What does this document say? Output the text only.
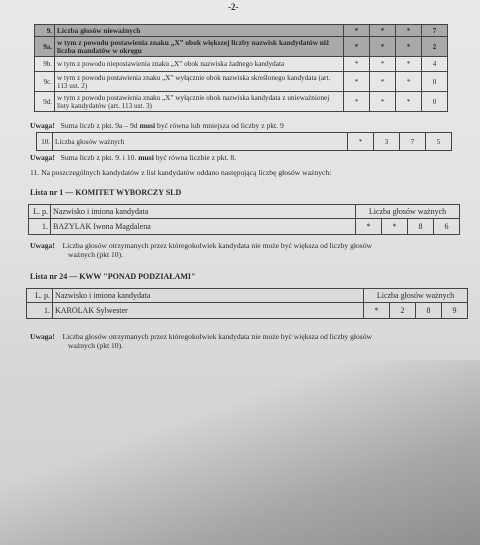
-2-
9.	Liczba głosów nieważnych	*	*	*	7
9a.	w tym z powodu postawienia znaku „X” obok większej liczby nazwisk kandydatów niż liczba mandatów w okręgu	*	*	*	2
9b.	w tym z powodu niepostawienia znaku „X” obok nazwiska żadnego kandydata	*	*	*	4
9c.	w tym z powodu postawienia znaku „X” wyłącznie obok nazwiska skreślonego kandydata (art. 113 ust. 2)	*	*	*	0
9d.	w tym z powodu postawienia znaku „X” wyłącznie obok nazwiska kandydata z unieważnionej listy kandydatów (art. 113 ust. 3)	*	*	*	0
Uwaga! Suma liczb z pkt. 9a – 9d musi być równa lub mniejsza od liczby z pkt. 9
10.	Liczba głosów ważnych	*	3	7	5
Uwaga! Suma liczb z pkt. 9. i 10. musi być równa liczbie z pkt. 8.
11. Na poszczególnych kandydatów z list kandydatów oddano następującą liczbę głosów ważnych:
Lista nr 1 — KOMITET WYBORCZY SLD
L. p.	Nazwisko i imiona kandydata	Liczba głosów ważnych			
1.	BAZYLAK Iwona Magdalena	*	*	8	6
Uwaga! Liczba głosów otrzymanych przez któregokolwiek kandydata nie może być większa od liczby głosów
ważnych (pkt 10).
Lista nr 24 — KWW "PONAD PODZIAŁAMI"
L. p.	Nazwisko i imiona kandydata	Liczba głosów ważnych			
1.	KAROLAK Sylwester	*	2	8	9
Uwaga! Liczba głosów otrzymanych przez któregokolwiek kandydata nie może być większa od liczby głosów
ważnych (pkt 10).
